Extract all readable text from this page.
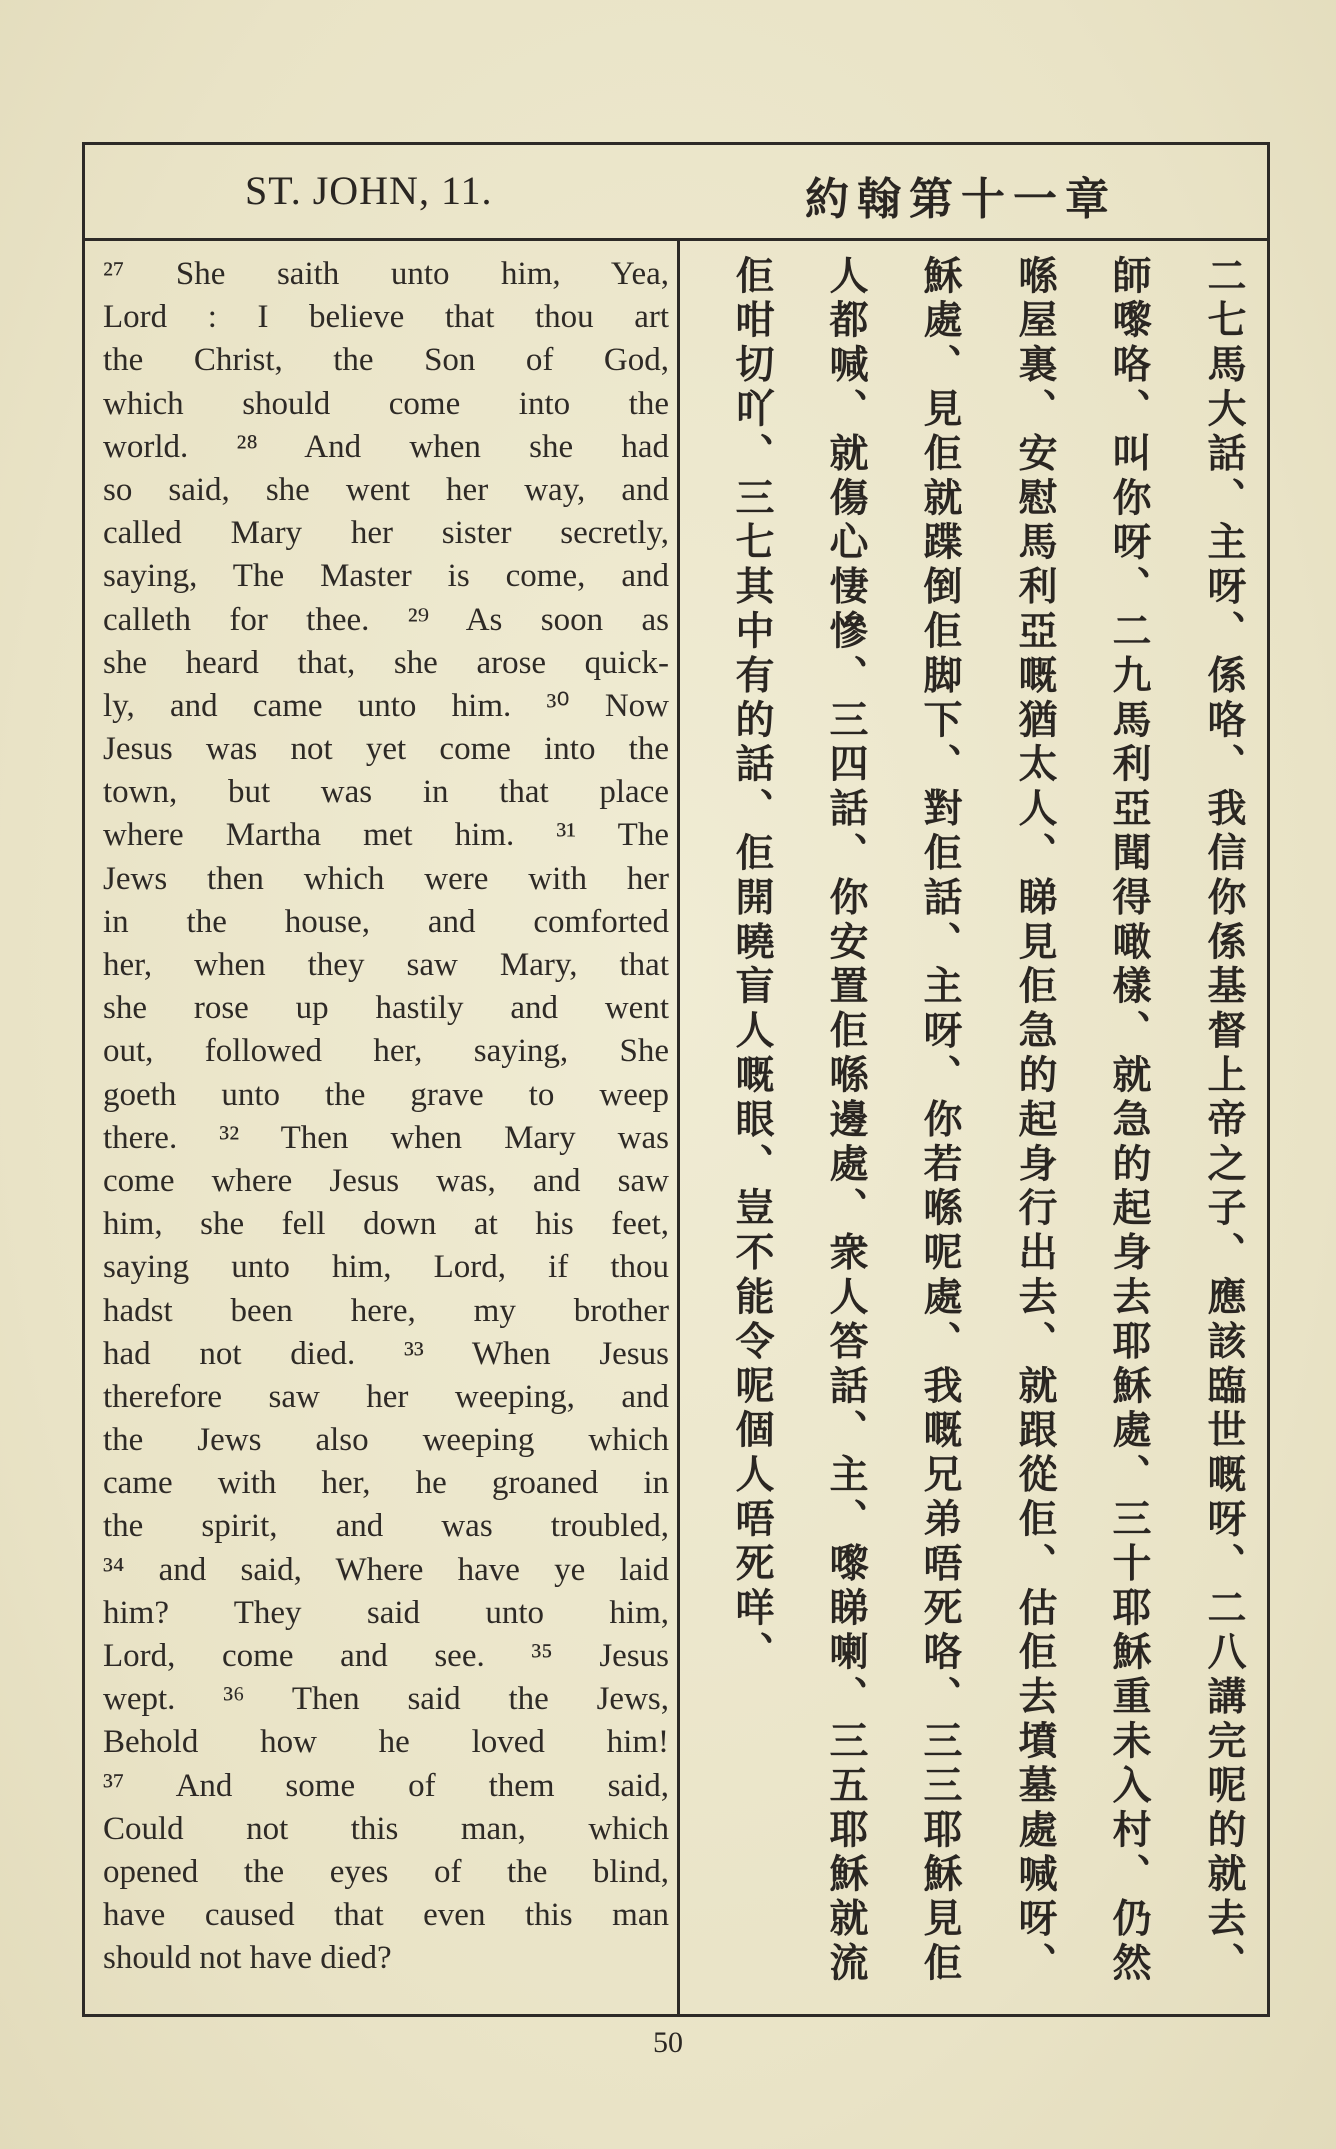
ST. JOHN, 11.	約翰第十一章
²⁷ She saith unto him, Yea,
Lord : I believe that thou art
the Christ, the Son of God,
which should come into the
world. ²⁸ And when she had
so said, she went her way, and
called Mary her sister secretly,
saying, The Master is come, and
calleth for thee. ²⁹ As soon as
she heard that, she arose quick-
ly, and came unto him. ³⁰ Now
Jesus was not yet come into the
town, but was in that place
where Martha met him. ³¹ The
Jews then which were with her
in the house, and comforted
her, when they saw Mary, that
she rose up hastily and went
out, followed her, saying, She
goeth unto the grave to weep
there. ³² Then when Mary was
come where Jesus was, and saw
him, she fell down at his feet,
saying unto him, Lord, if thou
hadst been here, my brother
had not died. ³³ When Jesus
therefore saw her weeping, and
the Jews also weeping which
came with her, he groaned in
the spirit, and was troubled,
³⁴ and said, Where have ye laid
him? They said unto him,
Lord, come and see. ³⁵ Jesus
wept. ³⁶ Then said the Jews,
Behold how he loved him!
³⁷ And some of them said,
Could not this man, which
opened the eyes of the blind,
have caused that even this man
should not have died?
二七馬大話、主呀、係咯、我信你係基督上帝之子、應該臨世嘅呀、二八講完呢的就去、
師嚟咯、叫你呀、二九馬利亞聞得噉樣、就急的起身去耶穌處、三十耶穌重未入村、仍然
喺屋裏、安慰馬利亞嘅猶太人、睇見佢急的起身行出去、就跟從佢、估佢去墳墓處喊呀、
穌處、見佢就蹀倒佢脚下、對佢話、主呀、你若喺呢處、我嘅兄弟唔死咯、三三耶穌見佢
人都喊、就傷心悽慘、三四話、你安置佢喺邊處、衆人答話、主、嚟睇喇、三五耶穌就流
佢咁切吖、三七其中有的話、佢開曉盲人嘅眼、豈不能令呢個人唔死咩、
50
